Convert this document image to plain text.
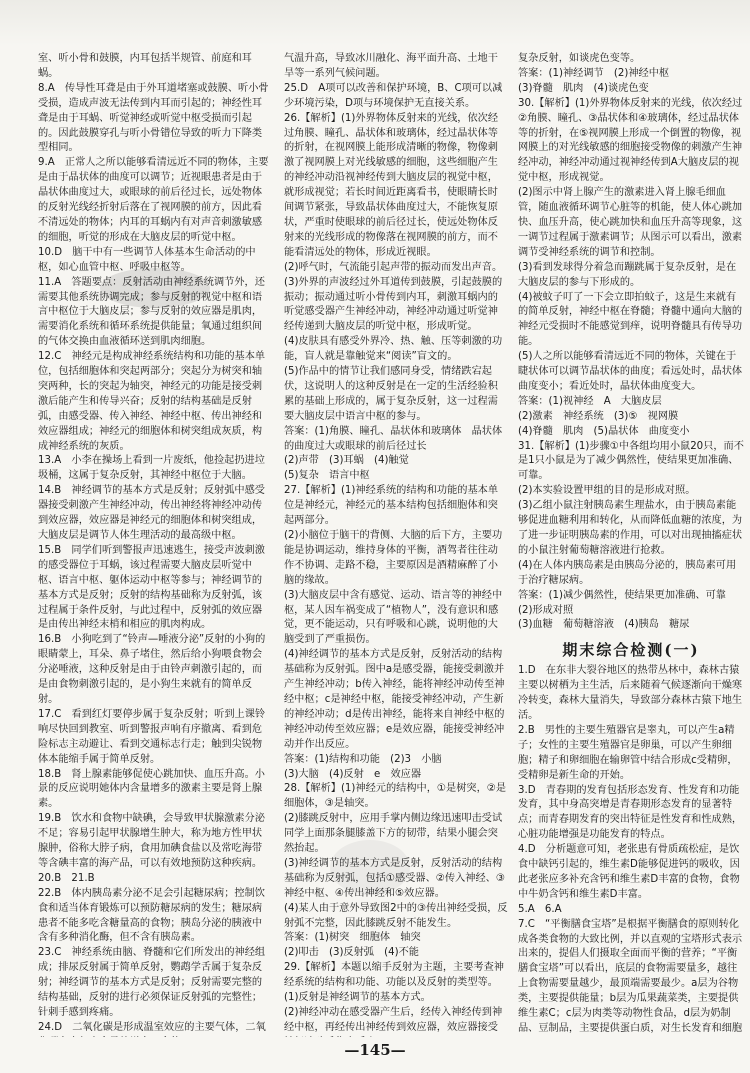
室、听小骨和鼓膜，内耳包括半规管、前庭和耳蜗。
8.A　传导性耳聋是由于外耳道堵塞或鼓膜、听小骨受损，造成声波无法传到内耳而引起的；神经性耳聋是由于耳蜗、听觉神经或听觉中枢受损而引起的。因此鼓膜穿孔与听小骨错位导致的听力下降类型相同。
9.A　正常人之所以能够看清远近不同的物体，主要是由于晶状体的曲度可以调节；近视眼患者是由于晶状体曲度过大，或眼球的前后径过长，远处物体的反射光线经折射后落在了视网膜的前方，因此看不清远处的物体；内耳的耳蜗内有对声音刺激敏感的细胞，听觉的形成在大脑皮层的听觉中枢。
10.D　脑干中有一些调节人体基本生命活动的中枢，如心血管中枢、呼吸中枢等。
11.A　答题要点：反射活动由神经系统调节外，还需要其他系统协调完成；参与反射的视觉中枢和语言中枢位于大脑皮层；参与反射的效应器是肌肉，需要消化系统和循环系统提供能量；氧通过组织间的气体交换由血液循环送到肌肉细胞。
12.C　神经元是构成神经系统结构和功能的基本单位，包括细胞体和突起两部分；突起分为树突和轴突两种，长的突起为轴突，神经元的功能是接受刺激后能产生和传导兴奋；反射的结构基础是反射弧，由感受器、传入神经、神经中枢、传出神经和效应器组成；神经元的细胞体和树突组成灰质，构成神经系统的灰质。
13.A　小李在操场上看到一片废纸，他捡起扔进垃圾桶，这属于复杂反射，其神经中枢位于大脑。
14.B　神经调节的基本方式是反射；反射弧中感受器接受刺激产生神经冲动，传出神经将神经冲动传到效应器，效应器是神经元的细胞体和树突组成，大脑皮层是调节人体生理活动的最高级中枢。
15.B　同学们听到警报声迅速逃生，接受声波刺激的感受器位于耳蜗，该过程需要大脑皮层听觉中枢、语言中枢、躯体运动中枢等参与；神经调节的基本方式是反射；反射的结构基础称为反射弧，该过程属于条件反射，与此过程中，反射弧的效应器是由传出神经末梢和相应的肌肉构成。
16.B　小狗吃到了“铃声—唾液分泌”反射的小狗的眼睛蒙上，耳朵、鼻子堵住，然后给小狗喂食物会分泌唾液，这种反射是由于由铃声刺激引起的，而是由食物刺激引起的，是小狗生来就有的简单反射。
17.C　看到红灯要停步属于复杂反射；听到上课铃响尽快回到教室、听到警报声响有序撤离、看到危险标志主动避让、看到交通标志行走；触到尖锐物体本能缩手属于简单反射。
18.B　肾上腺素能够促使心跳加快、血压升高。小景的反应说明她体内含量增多的激素主要是肾上腺素。
19.B　饮水和食物中缺碘，会导致甲状腺激素分泌不足；容易引起甲状腺增生肿大，称为地方性甲状腺肿，俗称大脖子病，食用加碘食盐以及常吃海带等含碘丰富的海产品，可以有效地预防这种疾病。
20.B　21.B
22.B　体内胰岛素分泌不足会引起糖尿病；控制饮食和适当体育锻炼可以预防糖尿病的发生；糖尿病患者不能多吃含糖量高的食物；胰岛分泌的胰液中含有多种消化酶，但不含有胰岛素。
23.C　神经系统由脑、脊髓和它们所发出的神经组成；排尿反射属于简单反射，鹦鹉学舌属于复杂反射；神经调节的基本方式是反射；反射需要完整的结构基础，反射的进行必须保证反射弧的完整性；针刺手感到疼痛。
24.D　二氧化碳是形成温室效应的主要气体，二氧

气温升高，导致冰川融化、海平面升高、土地干旱等一系列气候问题。
25.D　A项可以改善和保护环境，B、C项可以减少环境污染，D项与环境保护无直接关系。
26.【解析】(1)外界物体反射来的光线，依次经过角膜、瞳孔、晶状体和玻璃体，经过晶状体等的折射，在视网膜上能形成清晰的物像，物像刺激了视网膜上对光线敏感的细胞，这些细胞产生的神经冲动沿视神经传到大脑皮层的视觉中枢，就形成视觉；若长时间近距离看书，使眼睛长时间调节紧张，导致晶状体曲度过大，不能恢复原状，严重时使眼球的前后径过长，使远处物体反射来的光线形成的物像落在视网膜的前方，而不能看清远处的物体，形成近视眼。
(2)呼气时，气流能引起声带的振动而发出声音。
(3)外界的声波经过外耳道传到鼓膜，引起鼓膜的振动；振动通过听小骨传到内耳，刺激耳蜗内的听觉感受器产生神经冲动，神经冲动通过听觉神经传递到大脑皮层的听觉中枢，形成听觉。
(4)皮肤具有感受外界冷、热、触、压等刺激的功能，盲人就是靠触觉来“阅读”盲文的。
(5)作品中的情节让我们感同身受，情绪跌宕起伏，这说明人的这种反射是在一定的生活经验积累的基础上形成的，属于复杂反射，这一过程需要大脑皮层中语言中枢的参与。
答案：(1)角膜、瞳孔、晶状体和玻璃体　晶状体的曲度过大或眼球的前后径过长
(2)声带　(3)耳蜗　(4)触觉
(5)复杂　语言中枢
27.【解析】(1)神经系统的结构和功能的基本单位是神经元，神经元的基本结构包括细胞体和突起两部分。
(2)小脑位于脑干的背侧、大脑的后下方，主要功能是协调运动，维持身体的平衡，酒驾者往往动作不协调、走路不稳，主要原因是酒精麻醉了小脑的缘故。
(3)大脑皮层中含有感觉、运动、语言等的神经中枢，某人因车祸变成了“植物人”，没有意识和感觉，更不能运动，只有呼吸和心跳，说明他的大脑受到了严重损伤。
(4)神经调节的基本方式是反射，反射活动的结构基础称为反射弧。图中a是感受器，能接受刺激并产生神经冲动；b传入神经，能将神经冲动传至神经中枢；c是神经中枢，能接受神经冲动，产生新的神经冲动；d是传出神经，能将来自神经中枢的神经冲动传至效应器；e是效应器，能接受神经冲动并作出反应。
答案：(1)结构和功能　(2)3　小脑
(3)大脑　(4)反射　e　效应器
28.【解析】(1)神经元的结构中，①是树突，②是细胞体，③是轴突。
(2)膝跳反射中，应用手掌内侧边缘迅速叩击受试同学上面那条腿膝盖下方的韧带，结果小腿会突然抬起。
(3)神经调节的基本方式是反射，反射活动的结构基础称为反射弧，包括①感受器、②传入神经、③神经中枢、④传出神经和⑤效应器。
(4)某人由于意外导致图2中的③传出神经受损，反射弧不完整，因此膝跳反射不能发生。
答案：(1)树突　细胞体　轴突
(2)叩击　(3)反射弧　(4)不能
29.【解析】本题以缩手反射为主题，主要考查神经系统的结构和功能、功能以及反射的类型等。
(1)反射是神经调节的基本方式。
(2)神经冲动在感受器产生后，经传入神经传到神经中枢，再经传出神经传到效应器，效应器接受

复杂反射，如谈虎色变等。
答案：(1)神经调节　(2)神经中枢
(3)脊髓　肌肉　(4)谈虎色变
30.【解析】(1)外界物体反射来的光线，依次经过②角膜、瞳孔、③晶状体和④玻璃体，经过晶状体等的折射，在⑤视网膜上形成一个倒置的物像，视网膜上的对光线敏感的细胞接受物像的刺激产生神经冲动，神经冲动通过视神经传到A大脑皮层的视觉中枢，形成视觉。
(2)图示中肾上腺产生的激素进入肾上腺毛细血管，随血液循环调节心脏等的机能，使人体心跳加快、血压升高，使心跳加快和血压升高等现象，这一调节过程属于激素调节；从图示可以看出，激素调节受神经系统的调节和控制。
(3)看到发球得分着急而蹦跳属于复杂反射，是在大脑皮层的参与下形成的。
(4)被蚊子叮了一下会立即拍蚊子，这是生来就有的简单反射，神经中枢在脊髓；脊髓中通向大脑的神经元受损时不能感觉到痒，说明脊髓具有传导功能。
(5)人之所以能够看清远近不同的物体，关键在于睫状体可以调节晶状体的曲度；看远处时，晶状体曲度变小；看近处时，晶状体曲度变大。
答案：(1)视神经　A　大脑皮层
(2)激素　神经系统　(3)⑤　视网膜
(4)脊髓　肌肉　(5)晶状体　曲度变小
31.【解析】(1)步骤①中各组均用小鼠20只，而不是1只小鼠是为了减少偶然性，使结果更加准确、可靠。
(2)本实验设置甲组的目的是形成对照。
(3)乙组小鼠注射胰岛素生理盐水，由于胰岛素能够促进血糖利用和转化，从而降低血糖的浓度，为了进一步证明胰岛素的作用，可以对出现抽搐症状的小鼠注射葡萄糖溶液进行抢救。
(4)在人体内胰岛素是由胰岛分泌的，胰岛素可用于治疗糖尿病。
答案：(1)减少偶然性，使结果更加准确、可靠　(2)形成对照
(3)血糖　葡萄糖溶液　(4)胰岛　糖尿

期末综合检测(一)

1.D　在东非大裂谷地区的热带丛林中，森林古猿主要以树栖为主生活，后来随着气候逐渐向干燥寒冷转变，森林大量消失，导致部分森林古猿下地生活。
2.B　男性的主要生殖器官是睾丸，可以产生a精子；女性的主要生殖器官是卵巢，可以产生卵细胞；精子和卵细胞在输卵管中结合形成c受精卵，受精卵是新生命的开始。
3.D　青春期的发育包括形态发育、性发育和功能发育，其中身高突增是青春期形态发育的显著特点；而青春期发育的突出特征是性发育和性成熟，心脏功能增强是功能发育的特点。
4.D　分析题意可知，老张患有骨质疏松症，是饮食中缺钙引起的，维生素D能够促进钙的吸收，因此老张应多补充含钙和维生素D丰富的食物，食物中牛奶含钙和维生素D丰富。
5.A　6.A
7.C　“平衡膳食宝塔”是根据平衡膳食的原则转化成各类食物的大致比例，并以直观的宝塔形式表示出来的，提倡人们摄取全面而平衡的营养；“平衡膳食宝塔”可以看出，底层的食物需要量多，越往上食物需要量越少，最顶端需要最少。a层为谷物类，主要提供能量；b层为瓜果蔬菜类，主要提供维生素C；c层为肉类等动物性食品，d层为奶制品、豆制品，主要提供蛋白质，对生长发育和细胞

—145—
